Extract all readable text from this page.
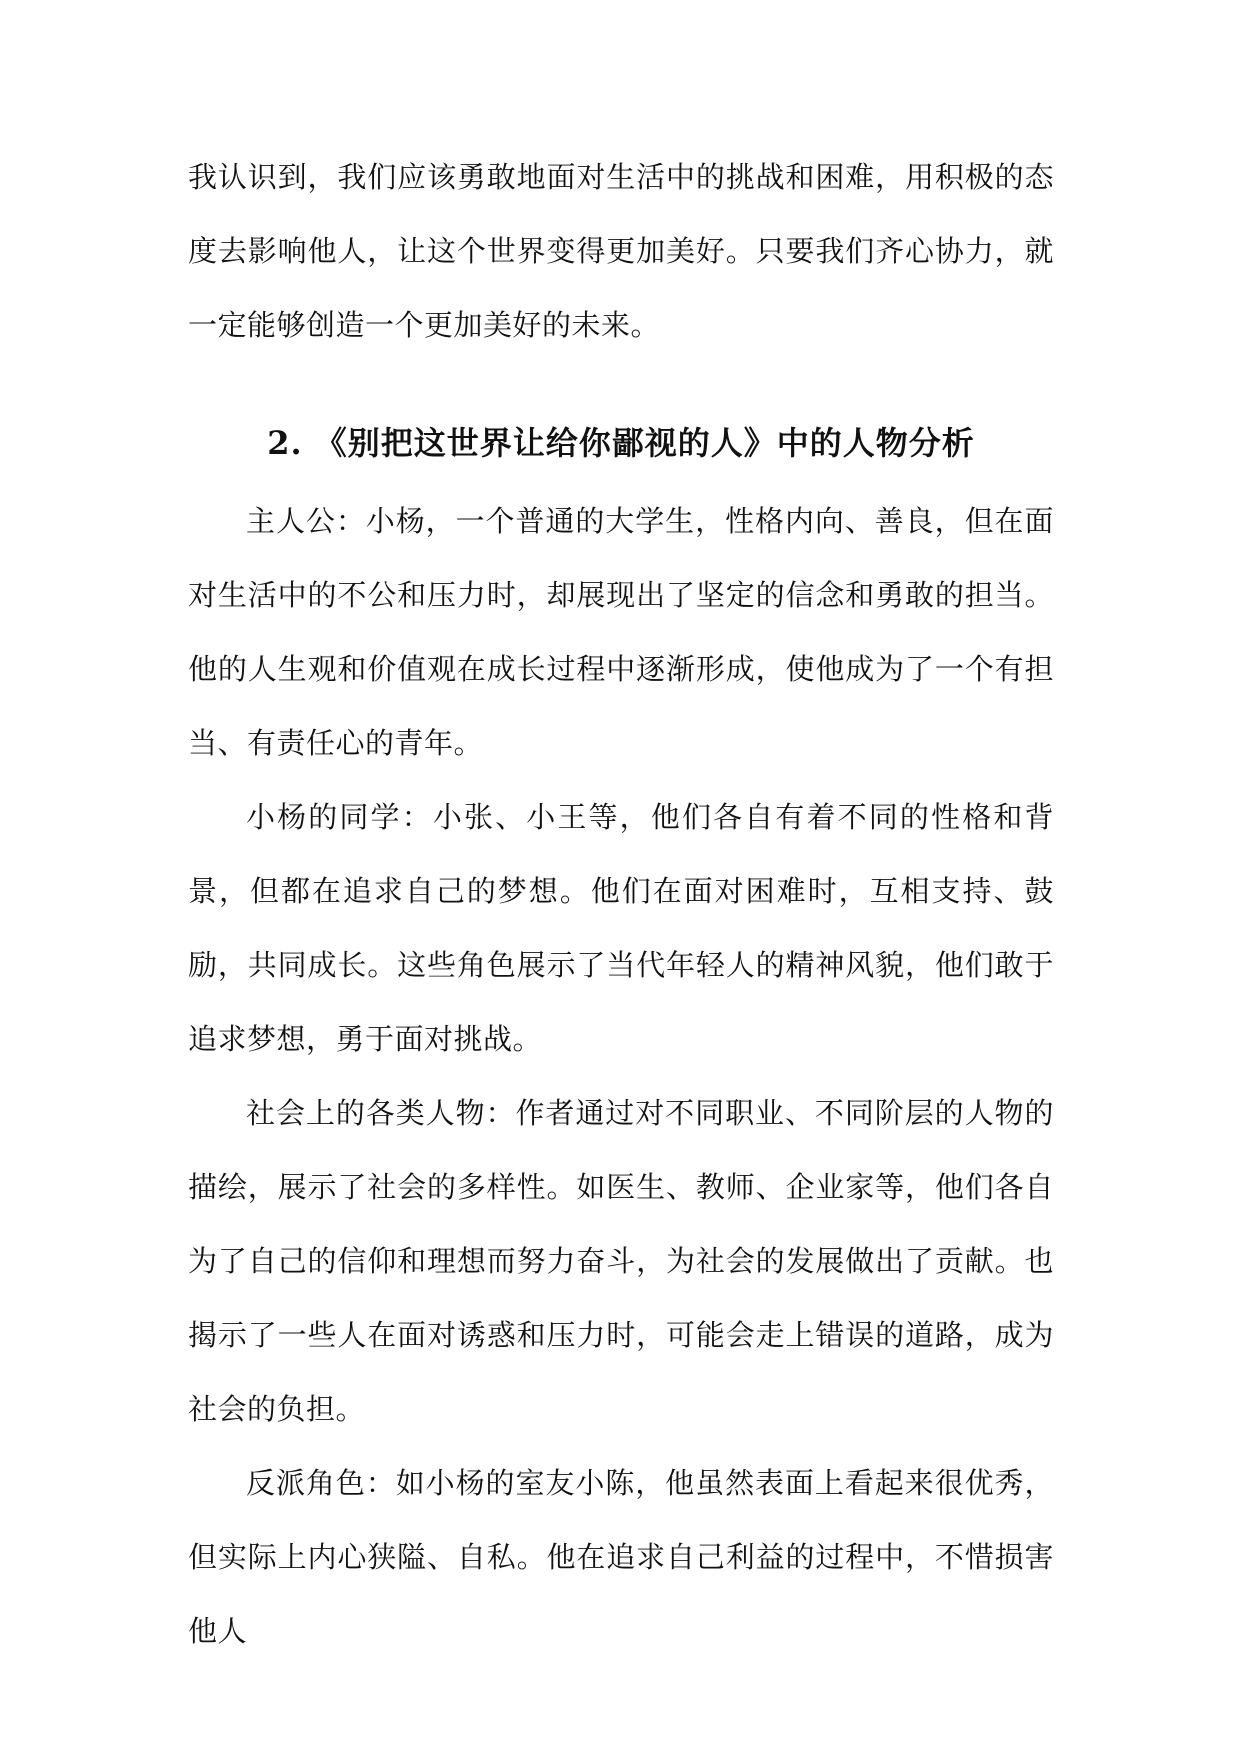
我认识到，我们应该勇敢地面对生活中的挑战和困难，用积极的态度去影响他人，让这个世界变得更加美好。只要我们齐心协力，就一定能够创造一个更加美好的未来。

2. 《别把这世界让给你鄙视的人》中的人物分析

主人公：小杨，一个普通的大学生，性格内向、善良，但在面对生活中的不公和压力时，却展现出了坚定的信念和勇敢的担当。他的人生观和价值观在成长过程中逐渐形成，使他成为了一个有担当、有责任心的青年。

小杨的同学：小张、小王等，他们各自有着不同的性格和背景，但都在追求自己的梦想。他们在面对困难时，互相支持、鼓励，共同成长。这些角色展示了当代年轻人的精神风貌，他们敢于追求梦想，勇于面对挑战。

社会上的各类人物：作者通过对不同职业、不同阶层的人物的描绘，展示了社会的多样性。如医生、教师、企业家等，他们各自为了自己的信仰和理想而努力奋斗，为社会的发展做出了贡献。也揭示了一些人在面对诱惑和压力时，可能会走上错误的道路，成为社会的负担。

反派角色：如小杨的室友小陈，他虽然表面上看起来很优秀，但实际上内心狭隘、自私。他在追求自己利益的过程中，不惜损害他人
